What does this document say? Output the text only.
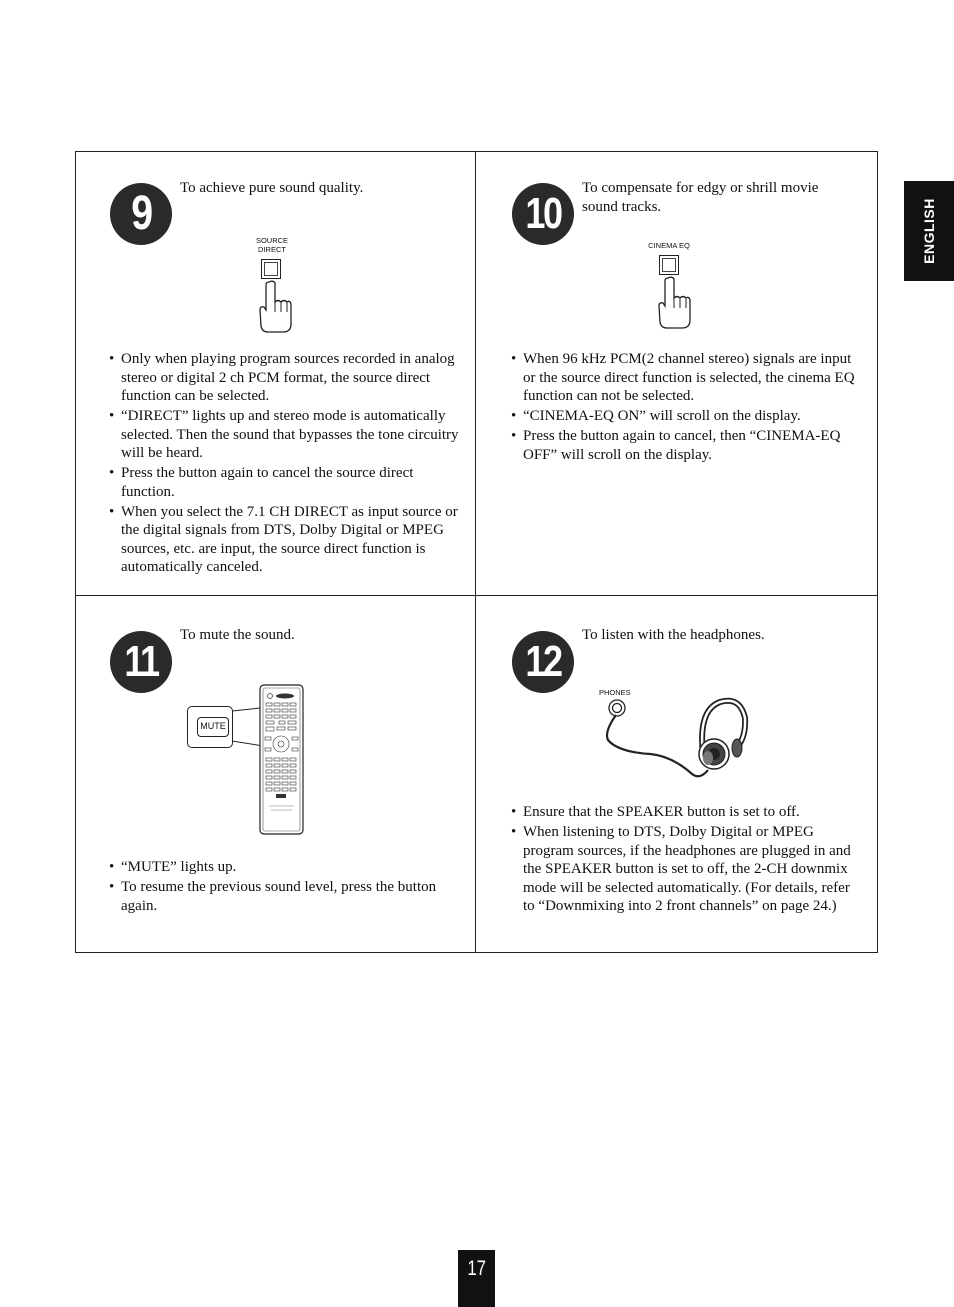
ENGLISH
9	To achieve pure sound quality.
SOURCE
DIRECT
• Only when playing program sources recorded in analog stereo or digital 2 ch PCM format, the source direct function can be selected.
• “DIRECT” lights up and stereo mode is automatically selected. Then the sound that bypasses the tone circuitry will be heard.
• Press the button again to cancel the source direct function.
• When you select the 7.1 CH DIRECT as input source or the digital signals from DTS, Dolby Digital or MPEG sources, etc. are input, the source direct function is automatically canceled.
10
To compensate for edgy or shrill movie sound tracks.
CINEMA EQ
• When 96 kHz PCM(2 channel stereo) signals are input or the source direct function is selected, the cinema EQ function can not be selected.
• “CINEMA-EQ ON” will scroll on the display.
• Press the button again to cancel, then “CINEMA-EQ OFF” will scroll on the display.
11
To mute the sound.
MUTE
• “MUTE” lights up.
• To resume the previous sound level, press the button again.
12
To listen with the headphones.
PHONES
• Ensure that the SPEAKER button is set to off.
• When listening to DTS, Dolby Digital or MPEG program sources, if the headphones are plugged in and the SPEAKER button is set to off, the 2-CH downmix mode will be selected automatically. (For details, refer to “Downmixing into 2 front channels” on page 24.)
17
